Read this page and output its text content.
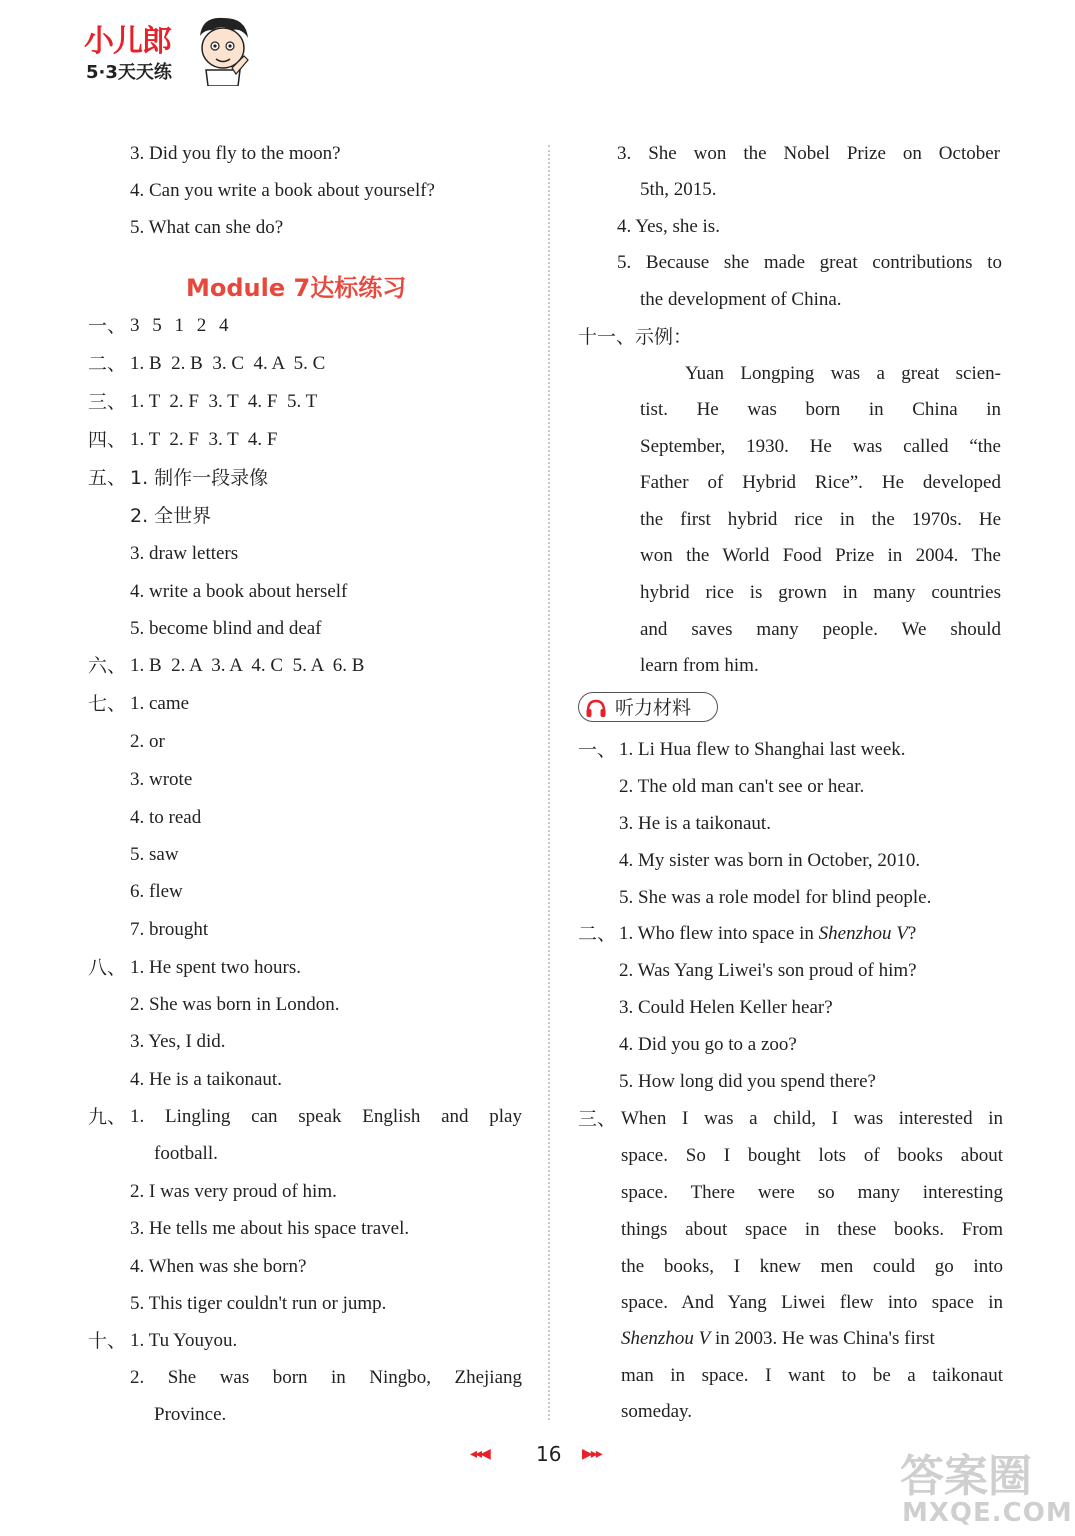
小儿郎
5·3天天练
3. Did you fly to the moon?
4. Can you write a book about yourself?
5. What can she do?
Module 7达标练习
一、 3 5 1 2 4
二、 1. B  2. B  3. C  4. A  5. C
三、 1. T  2. F  3. T  4. F  5. T
四、 1. T  2. F  3. T  4. F
五、 1. 制作一段录像
2. 全世界
3. draw letters
4. write a book about herself
5. become blind and deaf
六、 1. B  2. A  3. A  4. C  5. A  6. B
七、 1. came
2. or
3. wrote
4. to read
5. saw
6. flew
7. brought
八、 1. He spent two hours.
2. She was born in London.
3. Yes, I did.
4. He is a taikonaut.
九、 1. Lingling can speak English and play
football.
2. I was very proud of him.
3. He tells me about his space travel.
4. When was she born?
5. This tiger couldn't run or jump.
十、 1. Tu Youyou.
2. She was born in Ningbo, Zhejiang
Province.
3. She won the Nobel Prize on October
5th, 2015.
4. Yes, she is.
5. Because she made great contributions to
the development of China.
十一、示例：
Yuan Longping was a great scien-
tist. He was born in China in
September, 1930. He was called “the
Father of Hybrid Rice”. He developed
the first hybrid rice in the 1970s. He
won the World Food Prize in 2004. The
hybrid rice is grown in many countries
and saves many people. We should
learn from him.
听力材料
一、 1. Li Hua flew to Shanghai last week.
2. The old man can't see or hear.
3. He is a taikonaut.
4. My sister was born in October, 2010.
5. She was a role model for blind people.
二、 1. Who flew into space in Shenzhou V?
2. Was Yang Liwei's son proud of him?
3. Could Helen Keller hear?
4. Did you go to a zoo?
5. How long did you spend there?
三、 When I was a child, I was interested in
space. So I bought lots of books about
space. There were so many interesting
things about space in these books. From
the books, I knew men could go into
space. And Yang Liwei flew into space in
Shenzhou V in 2003. He was China's first
man in space. I want to be a taikonaut
someday.
◂◂◀ 16 ▶▸▸	答案圈
MXQE.COM
